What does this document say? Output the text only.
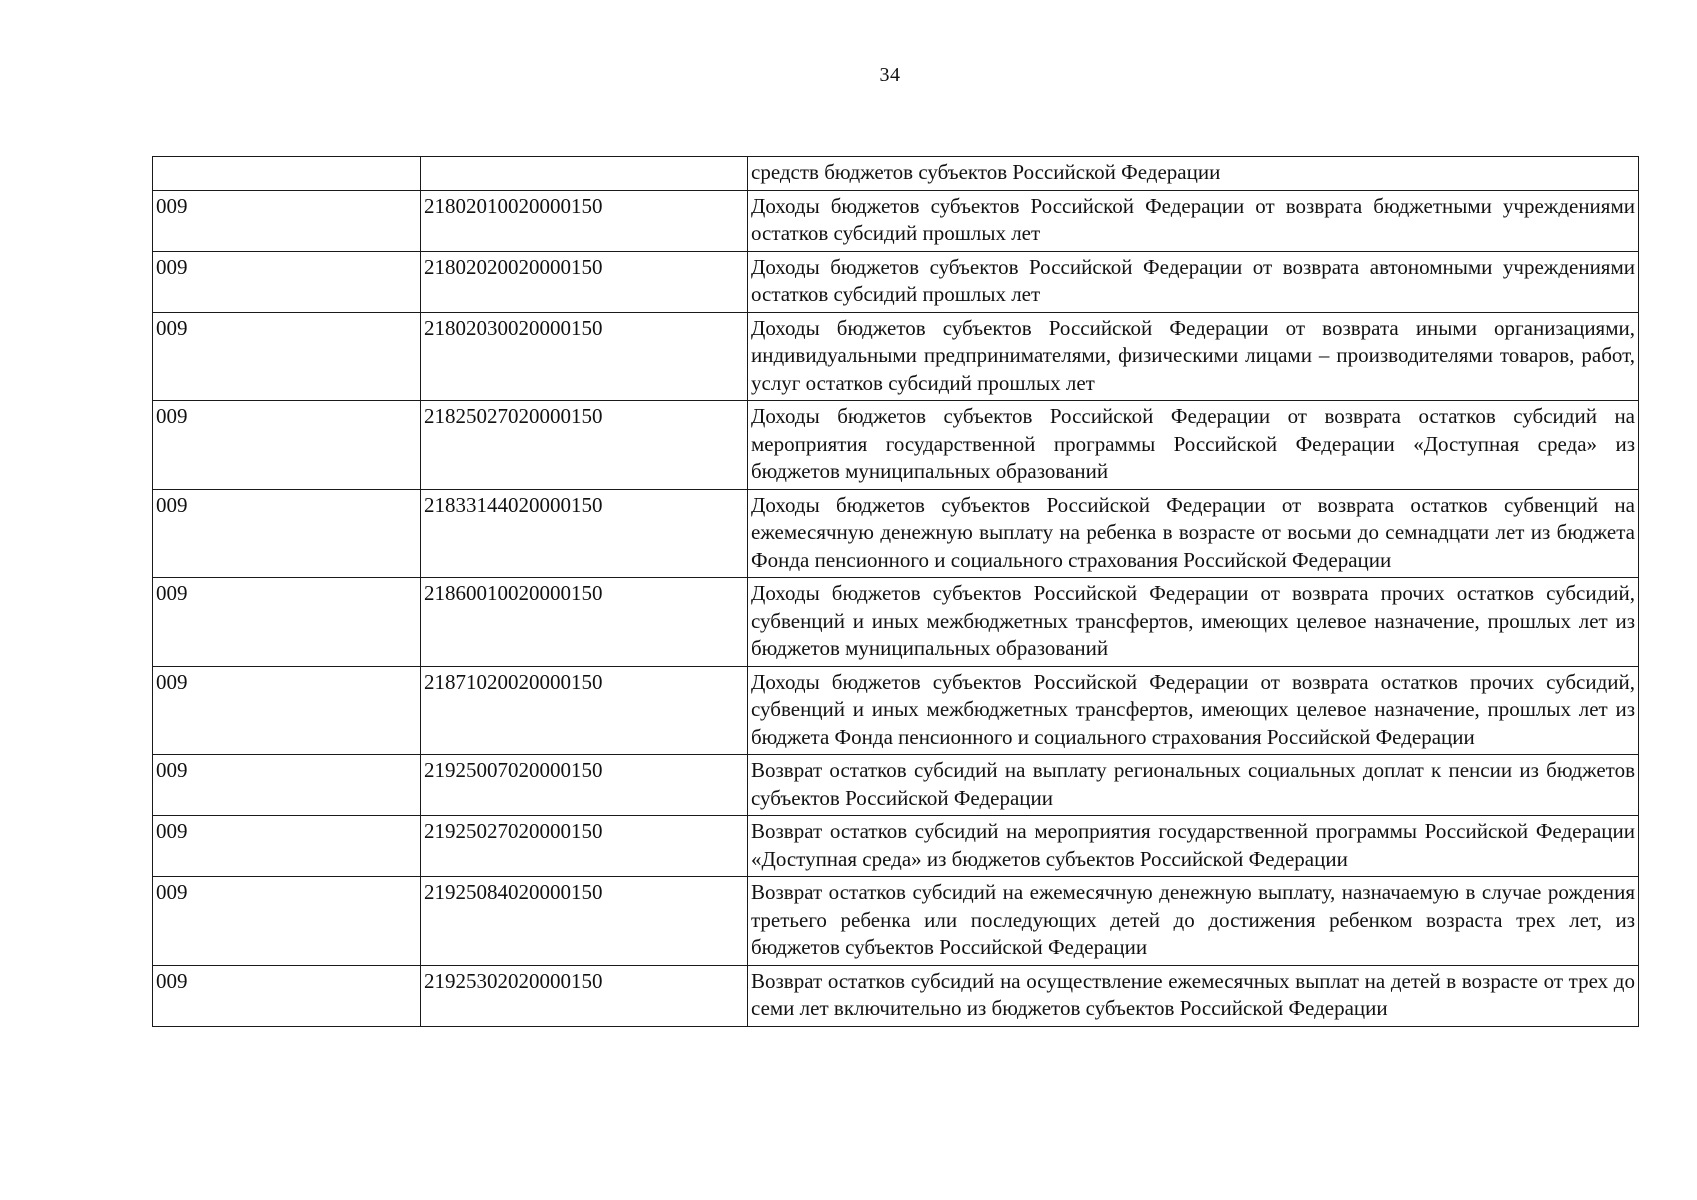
34
		средств бюджетов субъектов Российской Федерации
009	21802010020000150	Доходы бюджетов субъектов Российской Федерации от возврата бюджетными учреждениями остатков субсидий прошлых лет
009	21802020020000150	Доходы бюджетов субъектов Российской Федерации от возврата автономными учреждениями остатков субсидий прошлых лет
009	21802030020000150	Доходы бюджетов субъектов Российской Федерации от возврата иными организациями, индивидуальными предпринимателями, физическими лицами – производителями товаров, работ, услуг остатков субсидий прошлых лет
009	21825027020000150	Доходы бюджетов субъектов Российской Федерации от возврата остатков субсидий на мероприятия государственной программы Российской Федерации «Доступная среда» из бюджетов муниципальных образований
009	21833144020000150	Доходы бюджетов субъектов Российской Федерации от возврата остатков субвенций на ежемесячную денежную выплату на ребенка в возрасте от восьми до семнадцати лет из бюджета Фонда пенсионного и социального страхования Российской Федерации
009	21860010020000150	Доходы бюджетов субъектов Российской Федерации от возврата прочих остатков субсидий, субвенций и иных межбюджетных трансфертов, имеющих целевое назначение, прошлых лет из бюджетов муниципальных образований
009	21871020020000150	Доходы бюджетов субъектов Российской Федерации от возврата остатков прочих субсидий, субвенций и иных межбюджетных трансфертов, имеющих целевое назначение, прошлых лет из бюджета Фонда пенсионного и социального страхования Российской Федерации
009	21925007020000150	Возврат остатков субсидий на выплату региональных социальных доплат к пенсии из бюджетов субъектов Российской Федерации
009	21925027020000150	Возврат остатков субсидий на мероприятия государственной программы Российской Федерации «Доступная среда» из бюджетов субъектов Российской Федерации
009	21925084020000150	Возврат остатков субсидий на ежемесячную денежную выплату, назначаемую в случае рождения третьего ребенка или последующих детей до достижения ребенком возраста трех лет, из бюджетов субъектов Российской Федерации
009	21925302020000150	Возврат остатков субсидий на осуществление ежемесячных выплат на детей в возрасте от трех до семи лет включительно из бюджетов субъектов Российской Федерации
